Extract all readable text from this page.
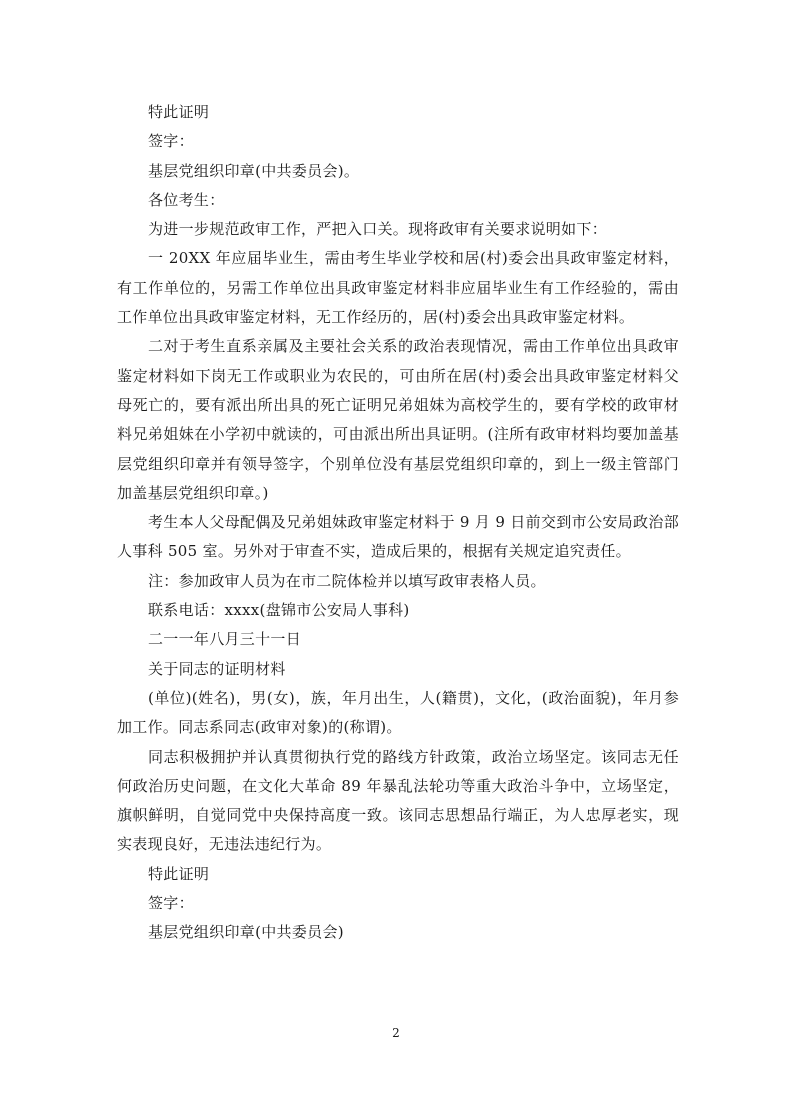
特此证明

签字：

基层党组织印章(中共委员会)。

各位考生：

为进一步规范政审工作，严把入口关。现将政审有关要求说明如下：

一 20XX 年应届毕业生，需由考生毕业学校和居(村)委会出具政审鉴定材料，有工作单位的，另需工作单位出具政审鉴定材料非应届毕业生有工作经验的，需由工作单位出具政审鉴定材料，无工作经历的，居(村)委会出具政审鉴定材料。

二对于考生直系亲属及主要社会关系的政治表现情况，需由工作单位出具政审鉴定材料如下岗无工作或职业为农民的，可由所在居(村)委会出具政审鉴定材料父母死亡的，要有派出所出具的死亡证明兄弟姐妹为高校学生的，要有学校的政审材料兄弟姐妹在小学初中就读的，可由派出所出具证明。(注所有政审材料均要加盖基层党组织印章并有领导签字，个别单位没有基层党组织印章的，到上一级主管部门加盖基层党组织印章。)

考生本人父母配偶及兄弟姐妹政审鉴定材料于 9 月 9 日前交到市公安局政治部人事科 505 室。另外对于审查不实，造成后果的，根据有关规定追究责任。

注：参加政审人员为在市二院体检并以填写政审表格人员。

联系电话：xxxx(盘锦市公安局人事科)

二一一年八月三十一日

关于同志的证明材料

(单位)(姓名)，男(女)，族，年月出生，人(籍贯)，文化，(政治面貌)，年月参加工作。同志系同志(政审对象)的(称谓)。

同志积极拥护并认真贯彻执行党的路线方针政策，政治立场坚定。该同志无任何政治历史问题，在文化大革命 89 年暴乱法轮功等重大政治斗争中，立场坚定，旗帜鲜明，自觉同党中央保持高度一致。该同志思想品行端正，为人忠厚老实，现实表现良好，无违法违纪行为。

特此证明

签字：

基层党组织印章(中共委员会)

2
